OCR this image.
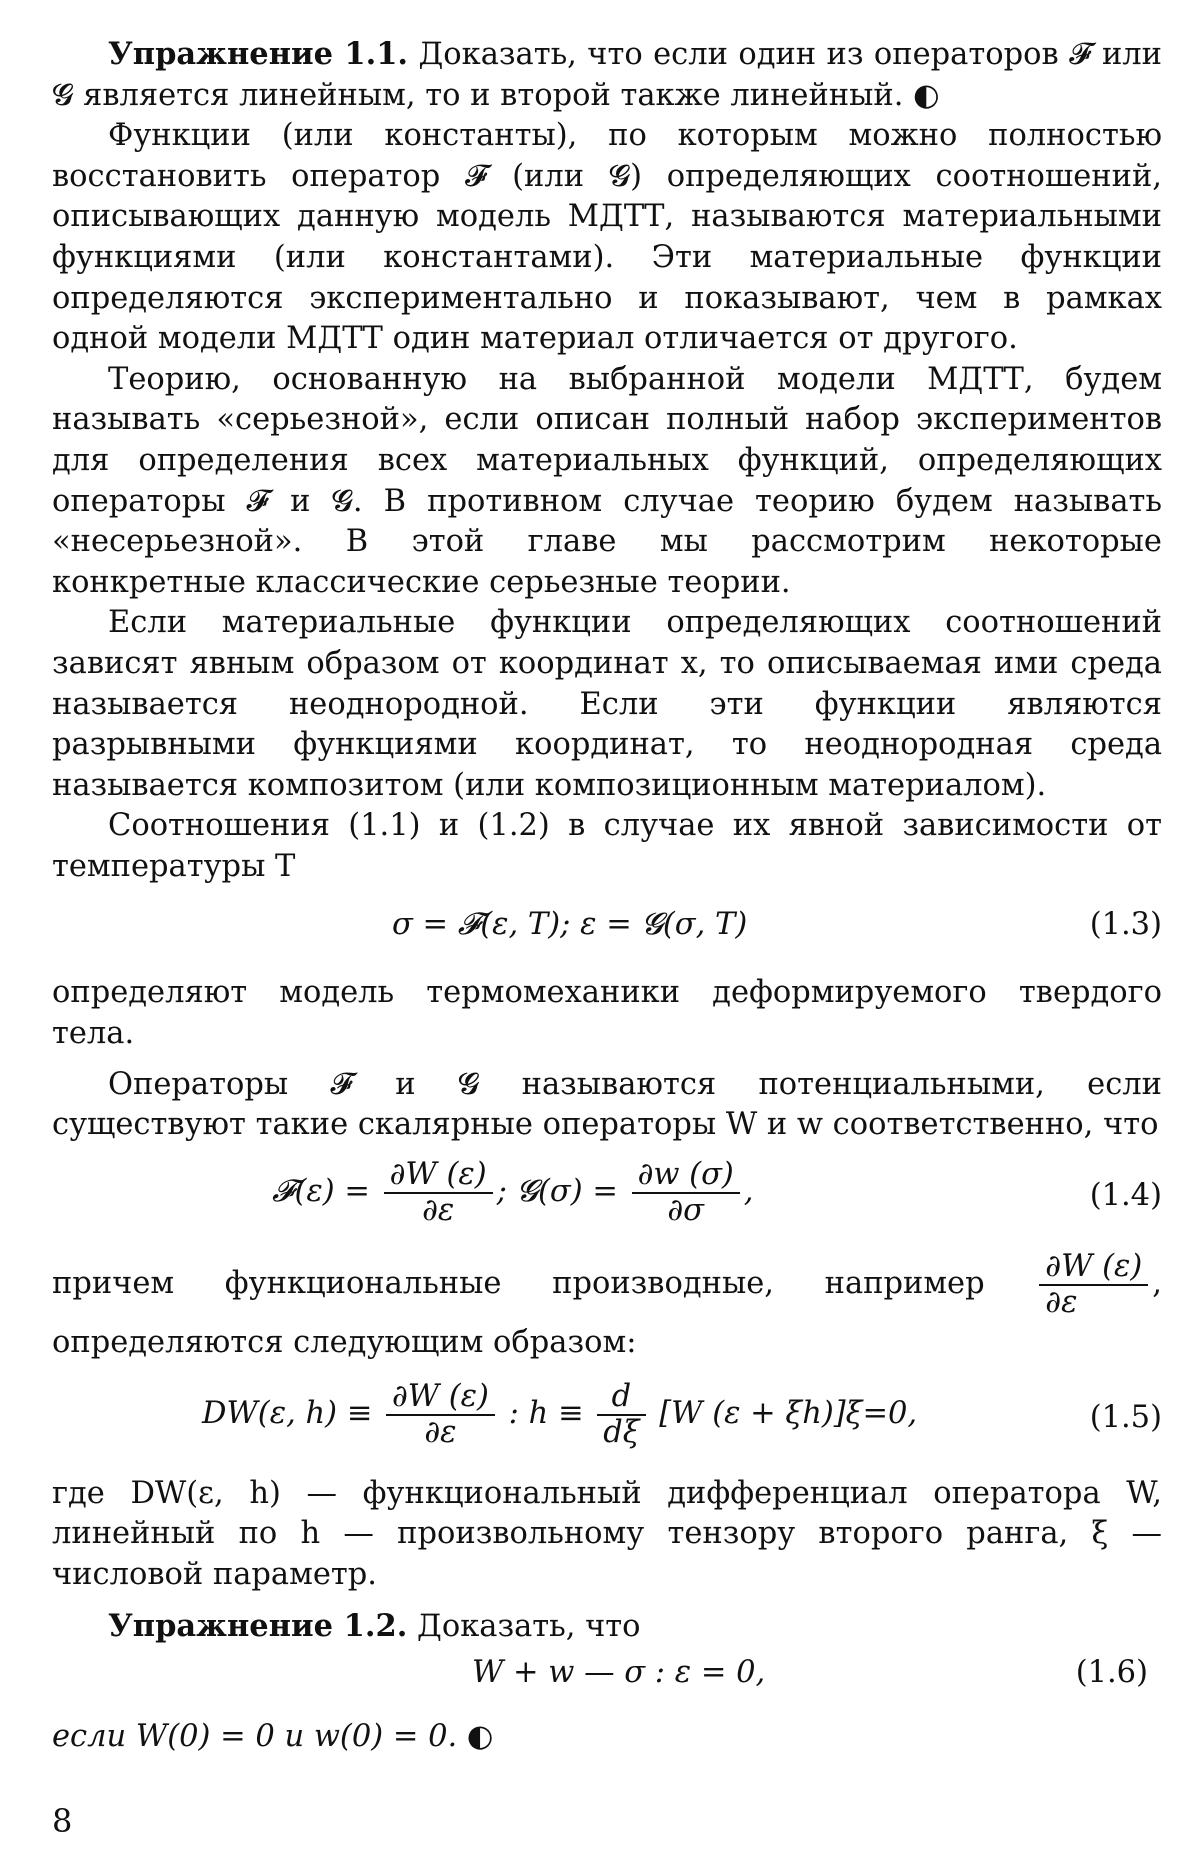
Упражнение 1.1. Доказать, что если один из операторов 𝓕 или 𝓖 является линейным, то и второй также линейный. ◐

Функции (или константы), по которым можно полностью восстановить оператор 𝓕 (или 𝓖) определяющих соотношений, описывающих данную модель МДТТ, называются материальными функциями (или константами). Эти материальные функции определяются экспериментально и показывают, чем в рамках одной модели МДТТ один материал отличается от другого.

Теорию, основанную на выбранной модели МДТТ, будем называть «серьезной», если описан полный набор экспериментов для определения всех материальных функций, определяющих операторы 𝓕 и 𝓖. В противном случае теорию будем называть «несерьезной». В этой главе мы рассмотрим некоторые конкретные классические серьезные теории.

Если материальные функции определяющих соотношений зависят явным образом от координат x, то описываемая ими среда называется неоднородной. Если эти функции являются разрывными функциями координат, то неоднородная среда называется композитом (или композиционным материалом).

Соотношения (1.1) и (1.2) в случае их явной зависимости от температуры T

σ = 𝓕(ε, T); ε = 𝓖(σ, T)	(1.3)

определяют модель термомеханики деформируемого твердого тела.

Операторы 𝓕 и 𝓖 называются потенциальными, если существуют такие скалярные операторы W и w соответственно, что

𝓕(ε) = $\frac{\partial W (\varepsilon)}{\partial\varepsilon}$ ; 𝓖(σ) = $\frac{\partial w (\sigma)}{\partial\sigma}$ ,	(1.4)

причем функциональные производные, например $\frac{\partial W (\varepsilon)}{\partial\varepsilon}$ , определяются следующим образом:

DW(ε, $h) \equiv \frac{\partial W (\varepsilon)}{\partial\varepsilon}$ : $h \equiv \frac{d}{d\xi} [W$ (ε + ξh)]ξ=0,	(1.5)

где DW(ε, h) — функциональный дифференциал оператора W, линейный по h — произвольному тензору второго ранга, ξ — числовой параметр.

Упражнение 1.2. Доказать, что

W + w — σ : ε = 0,	(1.6)

если W(0) = 0 и w(0) = 0. ◐

8
